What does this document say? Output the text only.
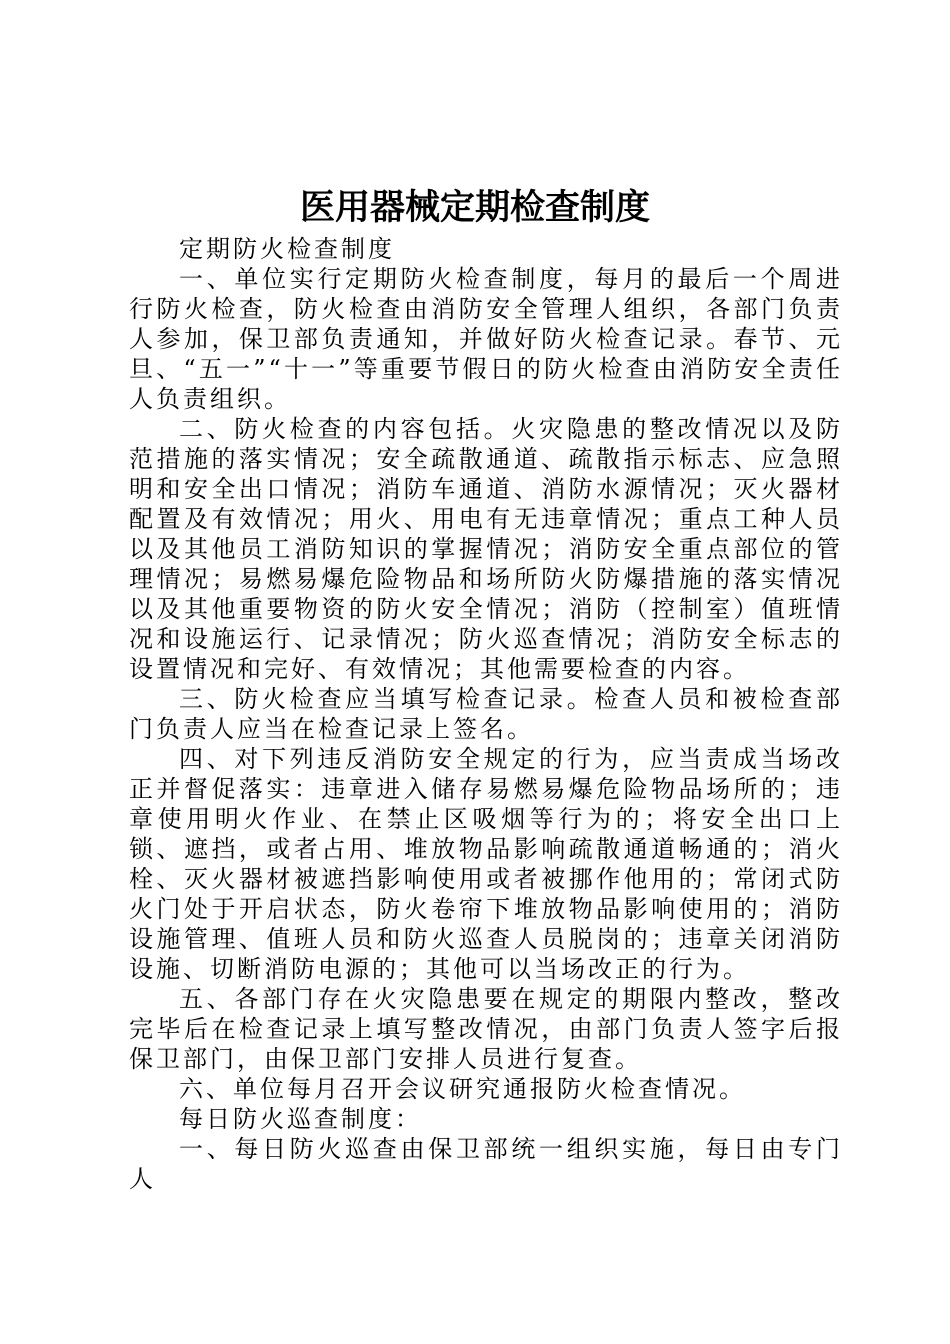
医用器械定期检查制度

定期防火检查制度

一、单位实行定期防火检查制度，每月的最后一个周进行防火检查，防火检查由消防安全管理人组织，各部门负责人参加，保卫部负责通知，并做好防火检查记录。春节、元旦、“五一”“十一”等重要节假日的防火检查由消防安全责任人负责组织。

二、防火检查的内容包括。火灾隐患的整改情况以及防范措施的落实情况；安全疏散通道、疏散指示标志、应急照明和安全出口情况；消防车通道、消防水源情况；灭火器材配置及有效情况；用火、用电有无违章情况；重点工种人员以及其他员工消防知识的掌握情况；消防安全重点部位的管理情况；易燃易爆危险物品和场所防火防爆措施的落实情况以及其他重要物资的防火安全情况；消防（控制室）值班情况和设施运行、记录情况；防火巡查情况；消防安全标志的设置情况和完好、有效情况；其他需要检查的内容。

三、防火检查应当填写检查记录。检查人员和被检查部门负责人应当在检查记录上签名。

四、对下列违反消防安全规定的行为，应当责成当场改正并督促落实：违章进入储存易燃易爆危险物品场所的；违章使用明火作业、在禁止区吸烟等行为的；将安全出口上锁、遮挡，或者占用、堆放物品影响疏散通道畅通的；消火栓、灭火器材被遮挡影响使用或者被挪作他用的；常闭式防火门处于开启状态，防火卷帘下堆放物品影响使用的；消防设施管理、值班人员和防火巡查人员脱岗的；违章关闭消防设施、切断消防电源的；其他可以当场改正的行为。

五、各部门存在火灾隐患要在规定的期限内整改，整改完毕后在检查记录上填写整改情况，由部门负责人签字后报保卫部门，由保卫部门安排人员进行复查。

六、单位每月召开会议研究通报防火检查情况。

每日防火巡查制度：

一、每日防火巡查由保卫部统一组织实施，每日由专门人
